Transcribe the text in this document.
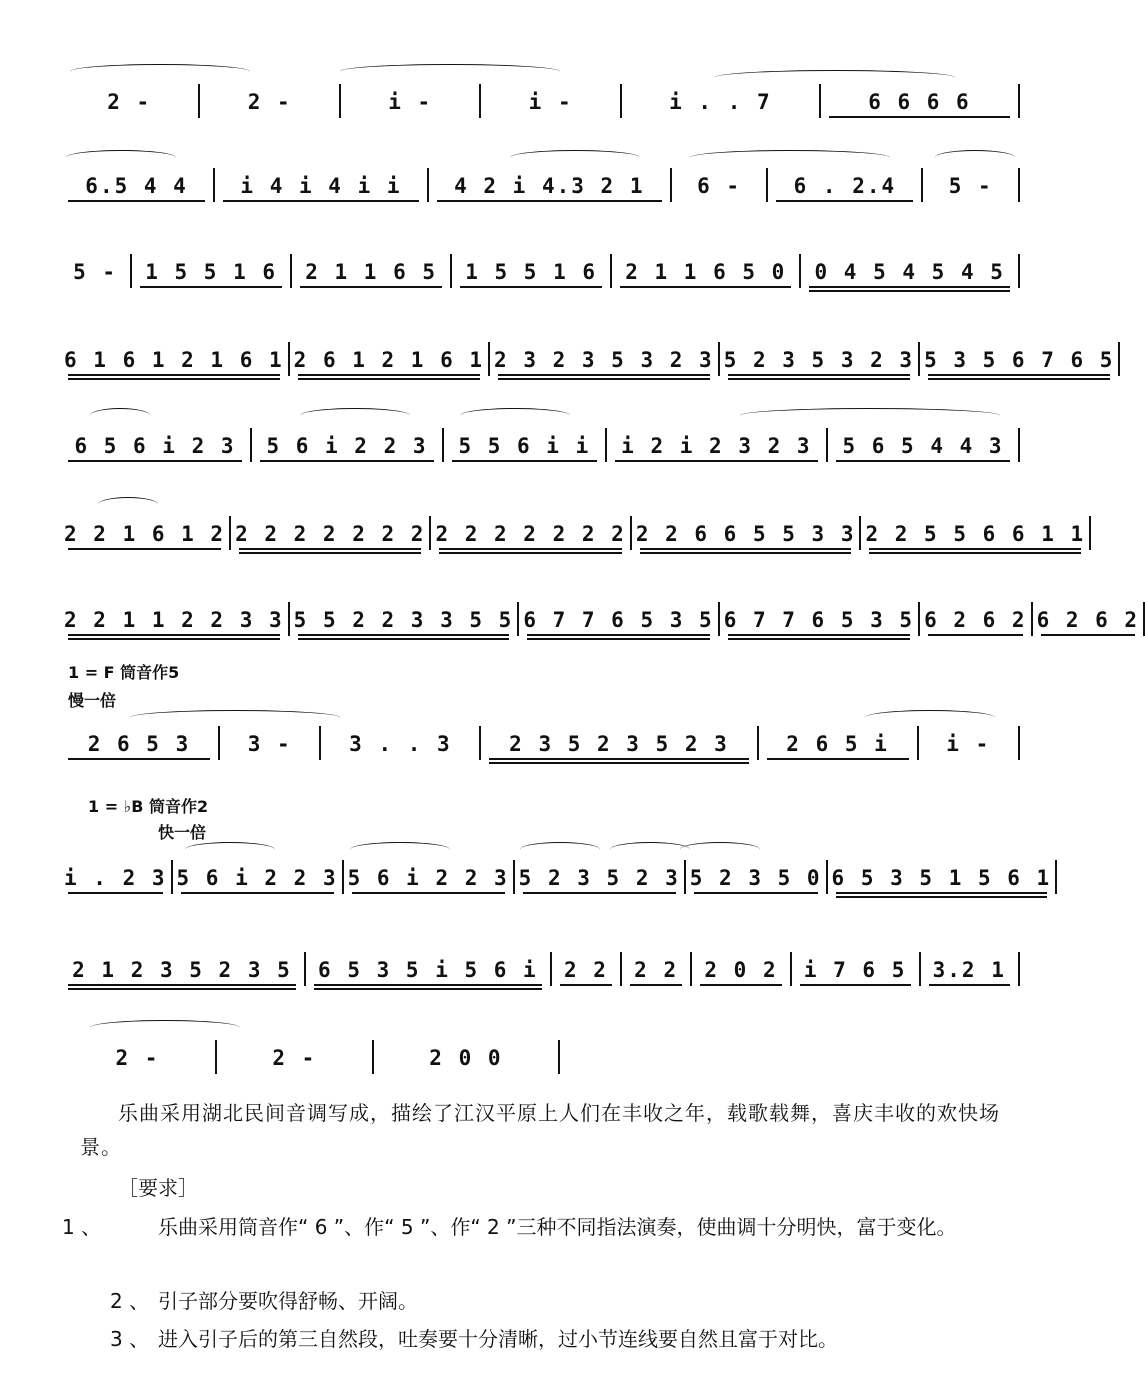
2 -	2 -	i -	i -	i . . 7	6 6 6 6
6.5 4 4	i 4 i 4 i i	4 2 i 4.3 2 1	6 -	6 . 2.4	5 -
5 - 1 5 5 1 6 2 1 1 6 5 1 5 5 1 6 2 1 1 6 5 0 0 4 5 4 5 4 5
6 1 6 1 2 1 6 1 2 6 1 2 1 6 1 2 3 2 3 5 3 2 3 5 2 3 5 3 2 3 5 3 5 6 7 6 5
6 5 6 i 2 3 5 6 i 2 2 3 5 5 6 i i i 2 i 2 3 2 3 5 6 5 4 4 3
2 2 1 6 1 2 2 2 2 2 2 2 2 2 2 2 2 2 2 2 2 2 6 6 5 5 3 3 2 2 5 5 6 6 1 1
2 2 1 1 2 2 3 3 5 5 2 2 3 3 5 5 6 7 7 6 5 3 5 6 7 7 6 5 3 5 6 2 6 2 6 2 6 2
1 = F 筒音作5
慢一倍
2 6 5 3	3 -	3 . . 3	2 3 5 2 3 5 2 3	2 6 5 i	i -
1 = ♭B 筒音作2
快一倍
i . 2 3 5 6 i 2 2 3 5 6 i 2 2 3 5 2 3 5 2 3 5 2 3 5 0 6 5 3 5 1 5 6 1
2 1 2 3 5 2 3 5 6 5 3 5 i 5 6 i 2 2 2 2 2 0 2 i 7 6 5 3.2 1
2 -	2 -	2 0 0
乐曲采用湖北民间音调写成，描绘了江汉平原上人们在丰收之年，载歌载舞，喜庆丰收的欢快场景。
［要求］
1 、	乐曲采用筒音作“ 6 ”、作“ 5 ”、作“ 2 ”三种不同指法演奏，使曲调十分明快，富于变化。
2 、 引子部分要吹得舒畅、开阔。
3 、 进入引子后的第三自然段，吐奏要十分清晰，过小节连线要自然且富于对比。
